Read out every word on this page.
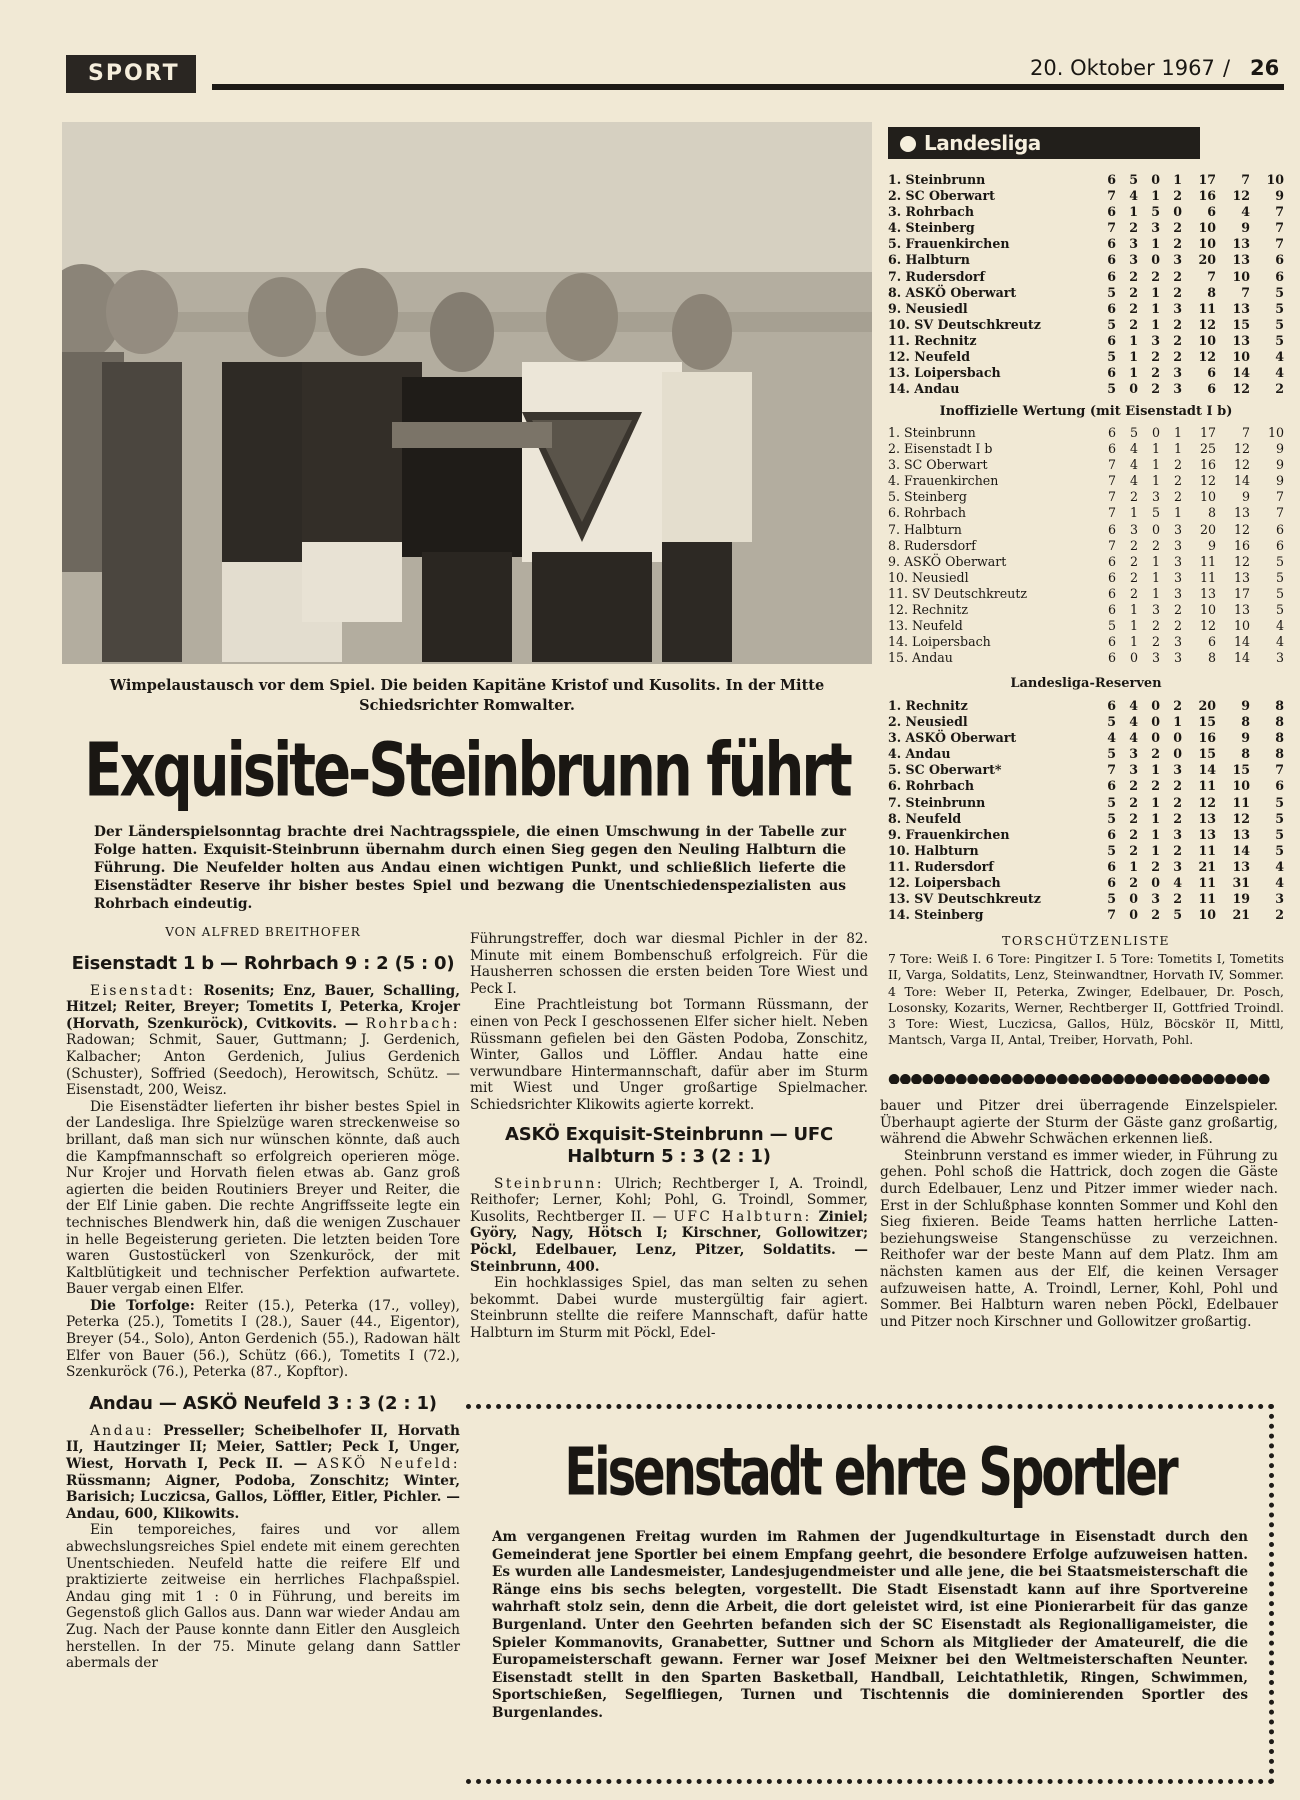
SPORT	20. Oktober 1967 / 26
Wimpelaustausch vor dem Spiel. Die beiden Kapitäne Kristof und Kusolits. In der Mitte Schiedsrichter Romwalter.
Exquisite-Steinbrunn führt
Der Länderspielsonntag brachte drei Nachtragsspiele, die einen Umschwung in der Tabelle zur Folge hatten. Exquisit-Steinbrunn übernahm durch einen Sieg gegen den Neuling Halbturn die Führung. Die Neufelder holten aus Andau einen wichtigen Punkt, und schließlich lieferte die Eisenstädter Reserve ihr bisher bestes Spiel und bezwang die Unentschiedenspezialisten aus Rohrbach eindeutig.
VON ALFRED BREITHOFER
Eisenstadt 1 b — Rohrbach 9 : 2 (5 : 0)

Eisenstadt: Rosenits; Enz, Bauer, Schalling, Hitzel; Reiter, Breyer; Tometits I, Peterka, Krojer (Horvath, Szenkuröck), Cvitkovits. — Rohrbach: Radowan; Schmit, Sauer, Guttmann; J. Gerdenich, Kalbacher; Anton Gerdenich, Julius Gerdenich (Schuster), Soffried (Seedoch), Herowitsch, Schütz. — Eisenstadt, 200, Weisz.

Die Eisenstädter lieferten ihr bisher bestes Spiel in der Landesliga. Ihre Spielzüge waren streckenweise so brillant, daß man sich nur wünschen könnte, daß auch die Kampfmannschaft so erfolgreich operieren möge. Nur Krojer und Horvath fielen etwas ab. Ganz groß agierten die beiden Routiniers Breyer und Reiter, die der Elf Linie gaben. Die rechte Angriffsseite legte ein technisches Blendwerk hin, daß die wenigen Zuschauer in helle Begeisterung gerieten. Die letzten beiden Tore waren Gustostückerl von Szenkuröck, der mit Kaltblütigkeit und technischer Perfektion aufwartete. Bauer vergab einen Elfer.

Die Torfolge: Reiter (15.), Peterka (17., volley), Peterka (25.), Tometits I (28.), Sauer (44., Eigentor), Breyer (54., Solo), Anton Gerdenich (55.), Radowan hält Elfer von Bauer (56.), Schütz (66.), Tometits I (72.), Szenkuröck (76.), Peterka (87., Kopftor).

Andau — ASKÖ Neufeld 3 : 3 (2 : 1)

Andau: Presseller; Scheibelhofer II, Horvath II, Hautzinger II; Meier, Sattler; Peck I, Unger, Wiest, Horvath I, Peck II. — ASKÖ Neufeld: Rüssmann; Aigner, Podoba, Zonschitz; Winter, Barisich; Luczicsa, Gallos, Löffler, Eitler, Pichler. — Andau, 600, Klikowits.

Ein temporeiches, faires und vor allem abwechslungsreiches Spiel endete mit einem gerechten Unentschieden. Neufeld hatte die reifere Elf und praktizierte zeitweise ein herrliches Flachpaßspiel. Andau ging mit 1 : 0 in Führung, und bereits im Gegenstoß glich Gallos aus. Dann war wieder Andau am Zug. Nach der Pause konnte dann Eitler den Ausgleich herstellen. In der 75. Minute gelang dann Sattler abermals der

Führungstreffer, doch war diesmal Pichler in der 82. Minute mit einem Bombenschuß erfolgreich. Für die Hausherren schossen die ersten beiden Tore Wiest und Peck I.

Eine Prachtleistung bot Tormann Rüssmann, der einen von Peck I geschossenen Elfer sicher hielt. Neben Rüssmann gefielen bei den Gästen Podoba, Zonschitz, Winter, Gallos und Löffler. Andau hatte eine verwundbare Hintermannschaft, dafür aber im Sturm mit Wiest und Unger großartige Spielmacher. Schiedsrichter Klikowits agierte korrekt.

ASKÖ Exquisit-Steinbrunn — UFC Halbturn 5 : 3 (2 : 1)

Steinbrunn: Ulrich; Rechtberger I, A. Troindl, Reithofer; Lerner, Kohl; Pohl, G. Troindl, Sommer, Kusolits, Rechtberger II. — UFC Halbturn: Ziniel; Györy, Nagy, Hötsch I; Kirschner, Gollowitzer; Pöckl, Edelbauer, Lenz, Pitzer, Soldatits. — Steinbrunn, 400.

Ein hochklassiges Spiel, das man selten zu sehen bekommt. Dabei wurde mustergültig fair agiert. Steinbrunn stellte die reifere Mannschaft, dafür hatte Halbturn im Sturm mit Pöckl, Edel-

bauer und Pitzer drei überragende Einzelspieler. Überhaupt agierte der Sturm der Gäste ganz großartig, während die Abwehr Schwächen erkennen ließ.

Steinbrunn verstand es immer wieder, in Führung zu gehen. Pohl schoß die Hattrick, doch zogen die Gäste durch Edelbauer, Lenz und Pitzer immer wieder nach. Erst in der Schlußphase konnten Sommer und Kohl den Sieg fixieren. Beide Teams hatten herrliche Latten- beziehungsweise Stangenschüsse zu verzeichnen. Reithofer war der beste Mann auf dem Platz. Ihm am nächsten kamen aus der Elf, die keinen Versager aufzuweisen hatte, A. Troindl, Lerner, Kohl, Pohl und Sommer. Bei Halbturn waren neben Pöckl, Edelbauer und Pitzer noch Kirschner und Gollowitzer großartig.

Landesliga
1. Steinbrunn	6	5	0	1	17	7	10
2. SC Oberwart	7	4	1	2	16	12	9
3. Rohrbach	6	1	5	0	6	4	7
4. Steinberg	7	2	3	2	10	9	7
5. Frauenkirchen	6	3	1	2	10	13	7
6. Halbturn	6	3	0	3	20	13	6
7. Rudersdorf	6	2	2	2	7	10	6
8. ASKÖ Oberwart	5	2	1	2	8	7	5
9. Neusiedl	6	2	1	3	11	13	5
10. SV Deutschkreutz	5	2	1	2	12	15	5
11. Rechnitz	6	1	3	2	10	13	5
12. Neufeld	5	1	2	2	12	10	4
13. Loipersbach	6	1	2	3	6	14	4
14. Andau	5	0	2	3	6	12	2
Inoffizielle Wertung (mit Eisenstadt I b)
1. Steinbrunn	6	5	0	1	17	7	10
2. Eisenstadt I b	6	4	1	1	25	12	9
3. SC Oberwart	7	4	1	2	16	12	9
4. Frauenkirchen	7	4	1	2	12	14	9
5. Steinberg	7	2	3	2	10	9	7
6. Rohrbach	7	1	5	1	8	13	7
7. Halbturn	6	3	0	3	20	12	6
8. Rudersdorf	7	2	2	3	9	16	6
9. ASKÖ Oberwart	6	2	1	3	11	12	5
10. Neusiedl	6	2	1	3	11	13	5
11. SV Deutschkreutz	6	2	1	3	13	17	5
12. Rechnitz	6	1	3	2	10	13	5
13. Neufeld	5	1	2	2	12	10	4
14. Loipersbach	6	1	2	3	6	14	4
15. Andau	6	0	3	3	8	14	3
Landesliga-Reserven
1. Rechnitz	6	4	0	2	20	9	8
2. Neusiedl	5	4	0	1	15	8	8
3. ASKÖ Oberwart	4	4	0	0	16	9	8
4. Andau	5	3	2	0	15	8	8
5. SC Oberwart*	7	3	1	3	14	15	7
6. Rohrbach	6	2	2	2	11	10	6
7. Steinbrunn	5	2	1	2	12	11	5
8. Neufeld	5	2	1	2	13	12	5
9. Frauenkirchen	6	2	1	3	13	13	5
10. Halbturn	5	2	1	2	11	14	5
11. Rudersdorf	6	1	2	3	21	13	4
12. Loipersbach	6	2	0	4	11	31	4
13. SV Deutschkreutz	5	0	3	2	11	19	3
14. Steinberg	7	0	2	5	10	21	2
TORSCHÜTZENLISTE
7 Tore: Weiß I. 6 Tore: Pingitzer I. 5 Tore: Tometits I, Tometits II, Varga, Soldatits, Lenz, Steinwandtner, Horvath IV, Sommer. 4 Tore: Weber II, Peterka, Zwinger, Edelbauer, Dr. Posch, Losonsky, Kozarits, Werner, Rechtberger II, Gottfried Troindl. 3 Tore: Wiest, Luczicsa, Gallos, Hülz, Böcskör II, Mittl, Mantsch, Varga II, Antal, Treiber, Horvath, Pohl.
●●●●●●●●●●●●●●●●●●●●●●●●●●●●●●●●●●
Eisenstadt ehrte Sportler
Am vergangenen Freitag wurden im Rahmen der Jugendkulturtage in Eisenstadt durch den Gemeinderat jene Sportler bei einem Empfang geehrt, die besondere Erfolge aufzuweisen hatten. Es wurden alle Landesmeister, Landesjugendmeister und alle jene, die bei Staatsmeisterschaft die Ränge eins bis sechs belegten, vorgestellt. Die Stadt Eisenstadt kann auf ihre Sportvereine wahrhaft stolz sein, denn die Arbeit, die dort geleistet wird, ist eine Pionierarbeit für das ganze Burgenland. Unter den Geehrten befanden sich der SC Eisenstadt als Regionalligameister, die Spieler Kommanovits, Granabetter, Suttner und Schorn als Mitglieder der Amateurelf, die die Europameisterschaft gewann. Ferner war Josef Meixner bei den Weltmeisterschaften Neunter. Eisenstadt stellt in den Sparten Basketball, Handball, Leichtathletik, Ringen, Schwimmen, Sportschießen, Segelfliegen, Turnen und Tischtennis die dominierenden Sportler des Burgenlandes.
